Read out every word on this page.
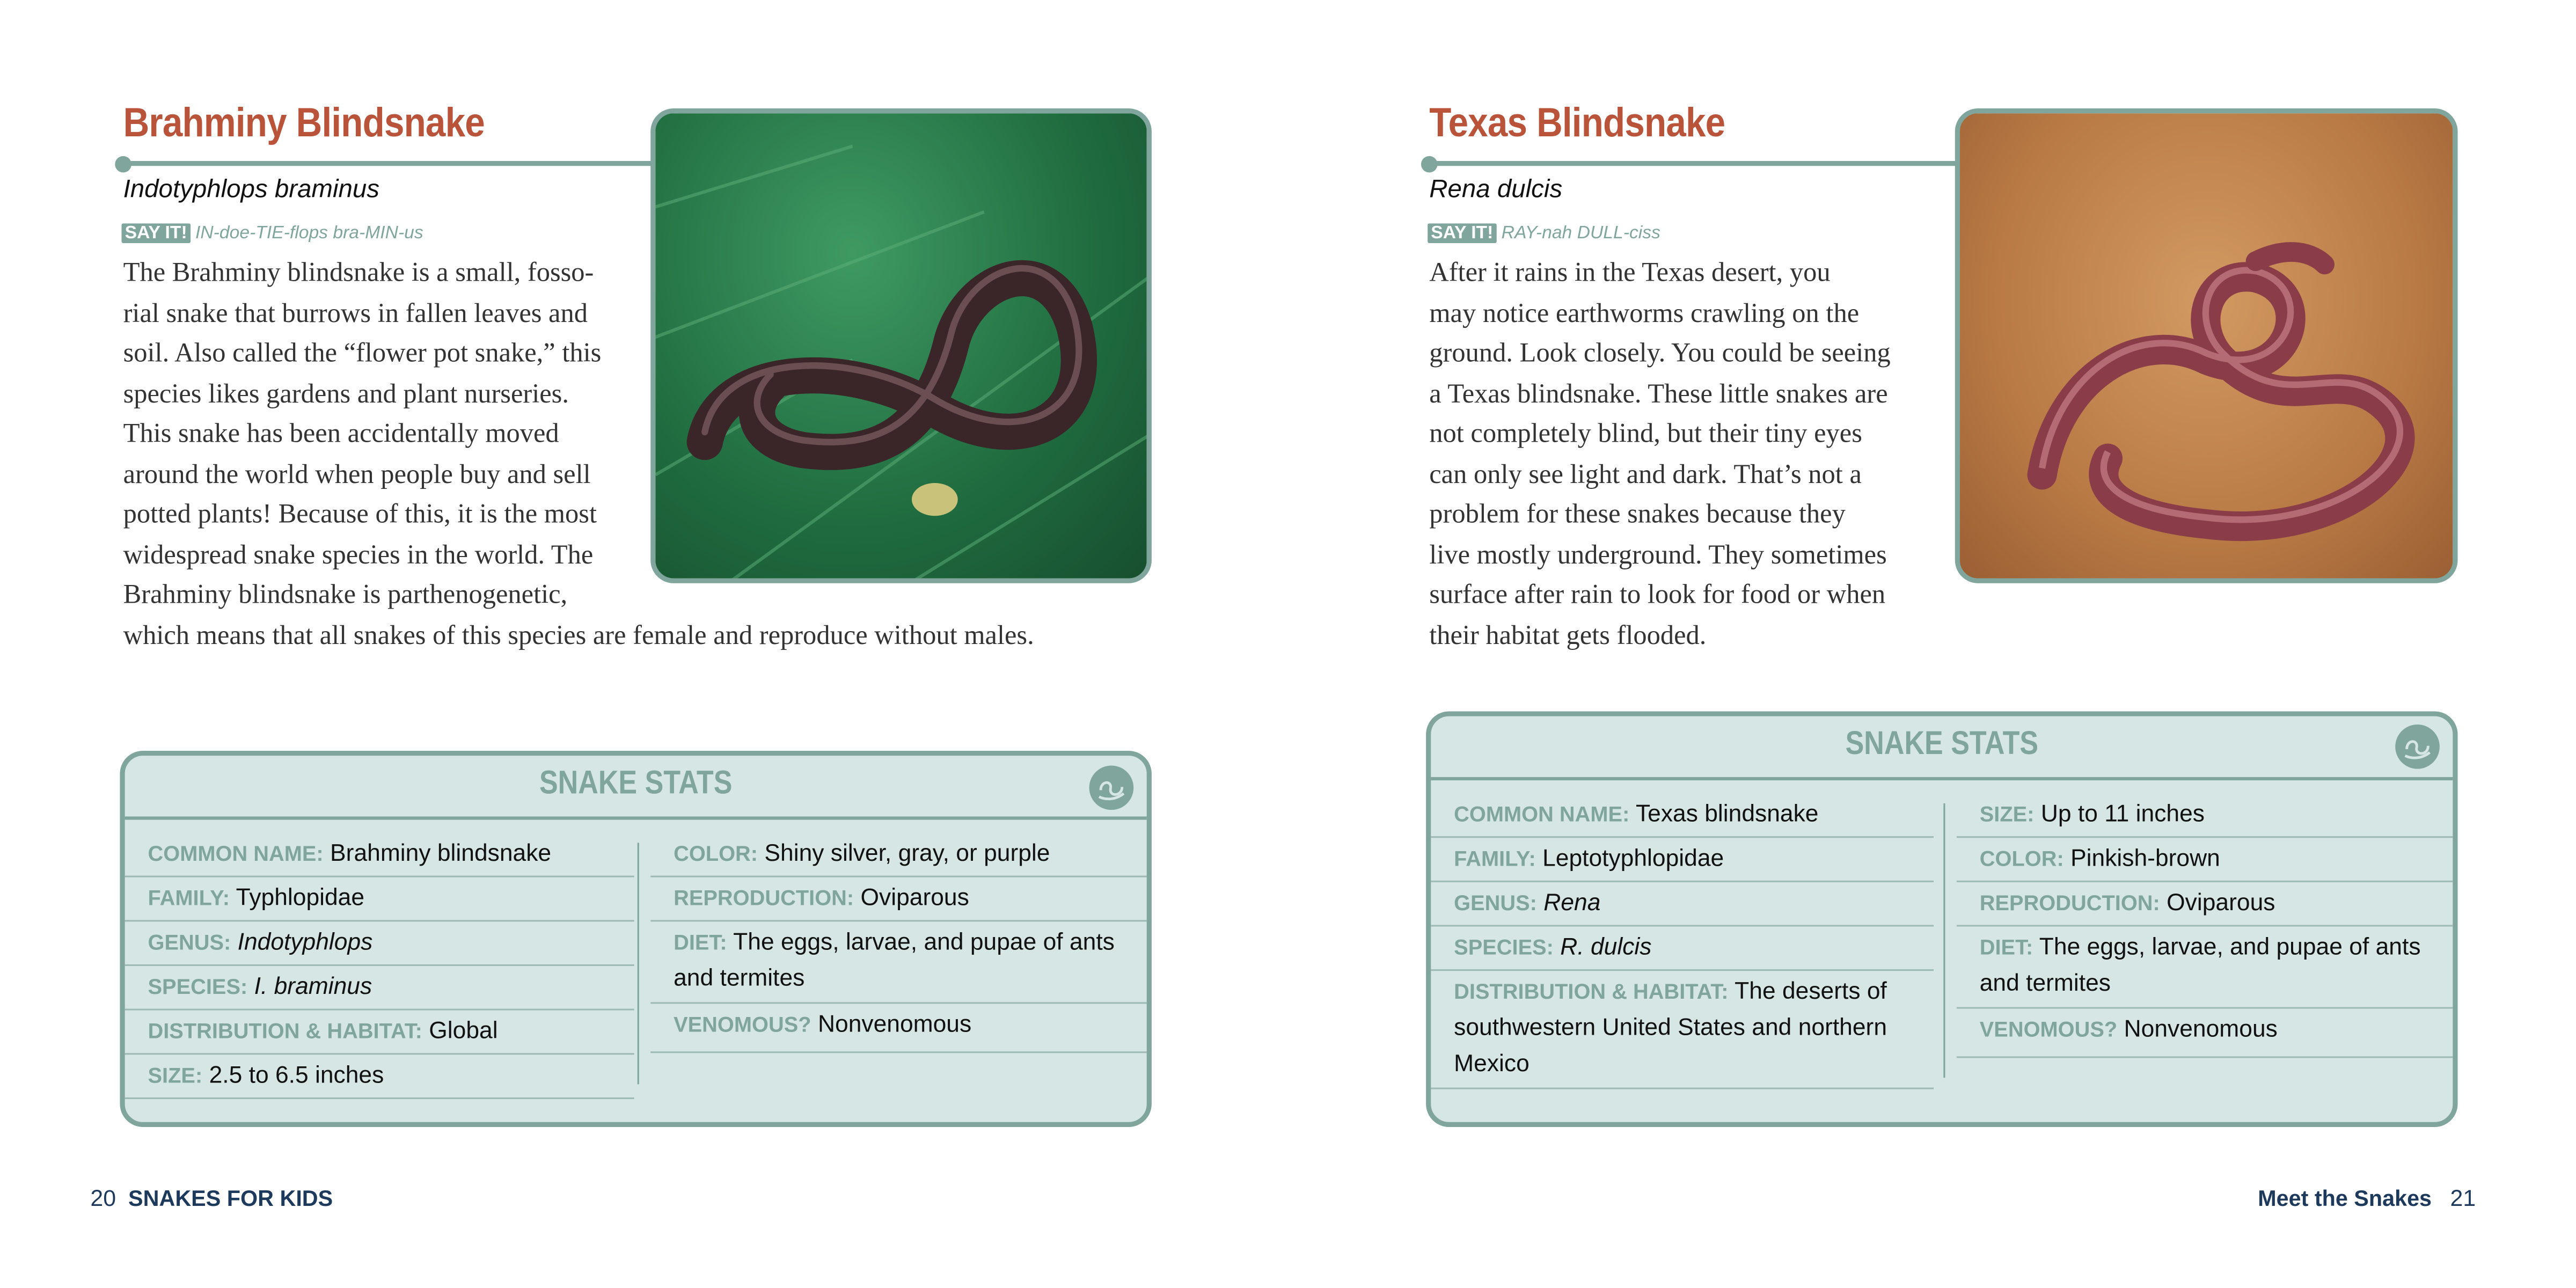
Brahminy Blindsnake
Indotyphlops braminus
SAY IT! IN-doe-TIE-flops bra-MIN-us
The Brahminy blindsnake is a small, fosso-
rial snake that burrows in fallen leaves and
soil. Also called the “flower pot snake,” this
species likes gardens and plant nurseries.
This snake has been accidentally moved
around the world when people buy and sell
potted plants! Because of this, it is the most
widespread snake species in the world. The
Brahminy blindsnake is parthenogenetic,
which means that all snakes of this species are female and reproduce without males.
SNAKE STATS
COMMON NAME: Brahminy blindsnake
FAMILY: Typhlopidae
GENUS: Indotyphlops
SPECIES: I. braminus
DISTRIBUTION & HABITAT: Global
SIZE: 2.5 to 6.5 inches
COLOR: Shiny silver, gray, or purple
REPRODUCTION: Oviparous
DIET: The eggs, larvae, and pupae of ants and termites
VENOMOUS? Nonvenomous
20 SNAKES FOR KIDS
Texas Blindsnake
Rena dulcis
SAY IT! RAY-nah DULL-ciss
After it rains in the Texas desert, you
may notice earthworms crawling on the
ground. Look closely. You could be seeing
a Texas blindsnake. These little snakes are
not completely blind, but their tiny eyes
can only see light and dark. That’s not a
problem for these snakes because they
live mostly underground. They sometimes
surface after rain to look for food or when
their habitat gets flooded.
SNAKE STATS
COMMON NAME: Texas blindsnake
FAMILY: Leptotyphlopidae
GENUS: Rena
SPECIES: R. dulcis
DISTRIBUTION & HABITAT: The deserts of southwestern United States and northern Mexico
SIZE: Up to 11 inches
COLOR: Pinkish-brown
REPRODUCTION: Oviparous
DIET: The eggs, larvae, and pupae of ants and termites
VENOMOUS? Nonvenomous
Meet the Snakes 21
